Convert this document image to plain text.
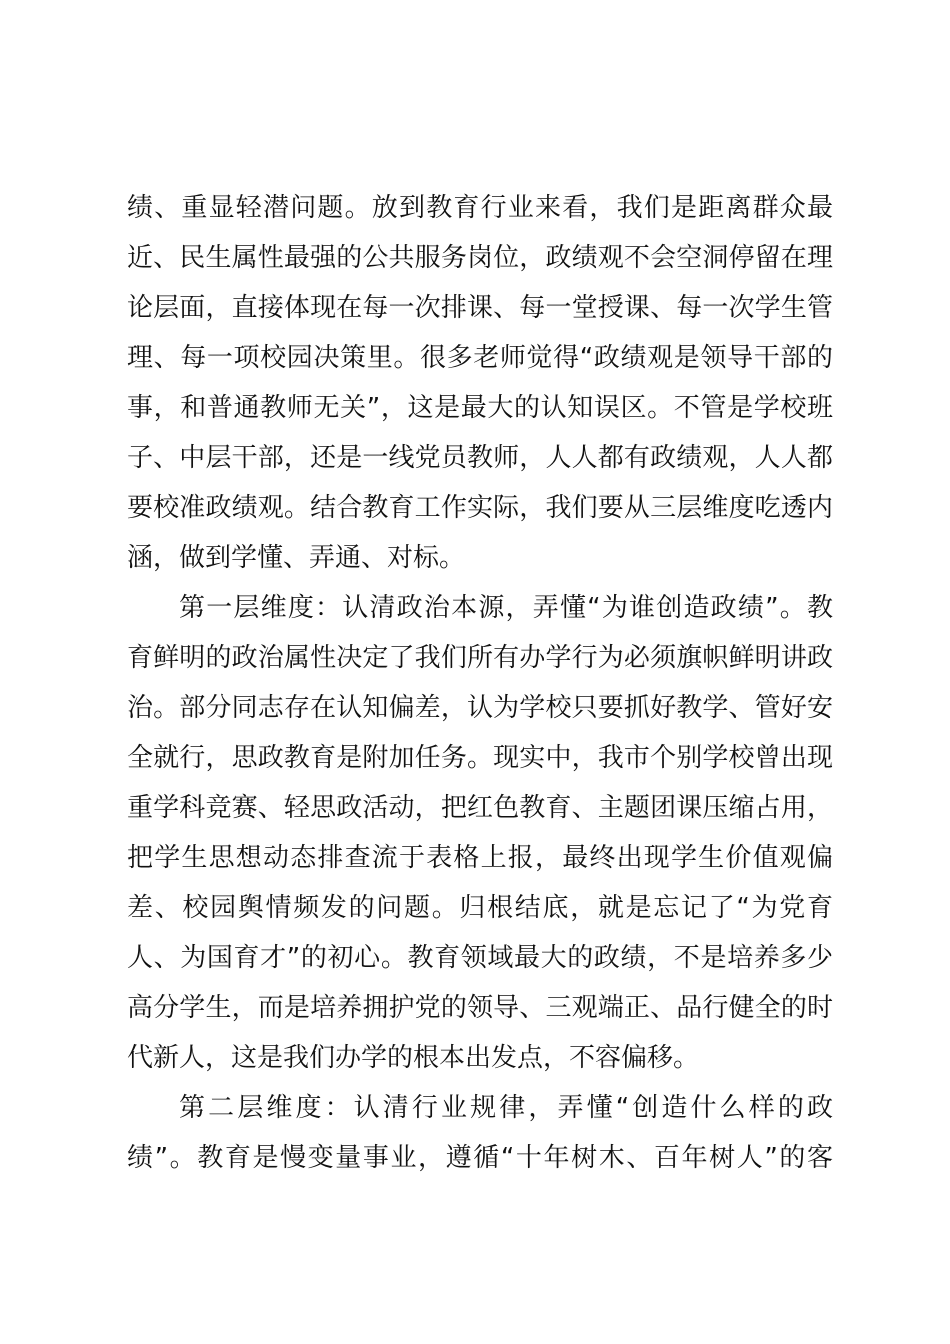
绩、重显轻潜问题。放到教育行业来看，我们是距离群众最
近、民生属性最强的公共服务岗位，政绩观不会空洞停留在理
论层面，直接体现在每一次排课、每一堂授课、每一次学生管
理、每一项校园决策里。很多老师觉得“政绩观是领导干部的
事，和普通教师无关”，这是最大的认知误区。不管是学校班
子、中层干部，还是一线党员教师，人人都有政绩观，人人都
要校准政绩观。结合教育工作实际，我们要从三层维度吃透内
涵，做到学懂、弄通、对标。
第一层维度：认清政治本源，弄懂“为谁创造政绩”。教
育鲜明的政治属性决定了我们所有办学行为必须旗帜鲜明讲政
治。部分同志存在认知偏差，认为学校只要抓好教学、管好安
全就行，思政教育是附加任务。现实中，我市个别学校曾出现
重学科竞赛、轻思政活动，把红色教育、主题团课压缩占用，
把学生思想动态排查流于表格上报，最终出现学生价值观偏
差、校园舆情频发的问题。归根结底，就是忘记了“为党育
人、为国育才”的初心。教育领域最大的政绩，不是培养多少
高分学生，而是培养拥护党的领导、三观端正、品行健全的时
代新人，这是我们办学的根本出发点，不容偏移。
第二层维度：认清行业规律，弄懂“创造什么样的政
绩”。教育是慢变量事业，遵循“十年树木、百年树人”的客
